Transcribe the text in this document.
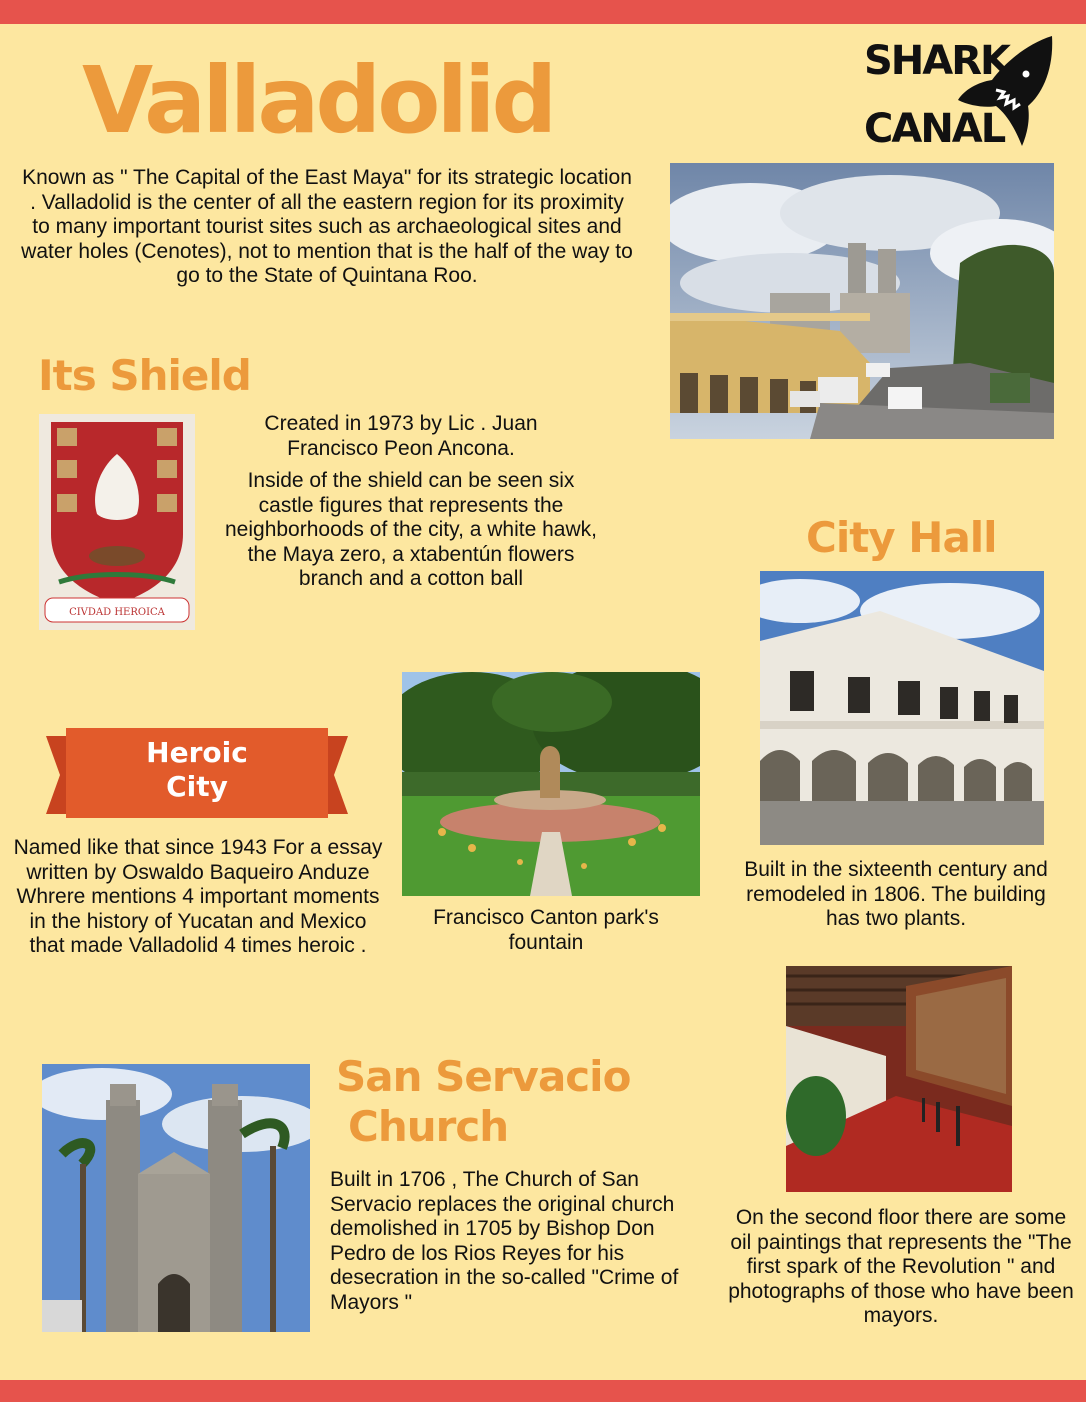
Valladolid	SHARK
CANAL
Known as " The Capital of the East Maya" for its strategic location . Valladolid is the center of all the eastern region for its proximity to many important tourist sites such as archaeological sites and water holes (Cenotes), not to mention that is the half of the way to go to the State of Quintana Roo.
Its Shield
CIVDAD HEROICA
Created in 1973 by Lic . Juan Francisco Peon Ancona.
Inside of the shield can be seen six castle figures that represents the neighborhoods of the city, a white hawk, the Maya zero, a xtabentún flowers branch and a cotton ball
City Hall
Built in the sixteenth century and remodeled in 1806. The building has two plants.
Heroic
City
Named like that since 1943 For a essay written by Oswaldo Baqueiro Anduze Whrere mentions 4 important moments in the history of Yucatan and Mexico that made Valladolid 4 times heroic .
Francisco Canton park's fountain
On the second floor there are some oil paintings that represents the "The first spark of the Revolution " and photographs of those who have been mayors.
San Servacio
Church
Built in 1706 , The Church of San Servacio replaces the original church demolished in 1705 by Bishop Don Pedro de los Rios Reyes for his desecration in the so-called "Crime of Mayors "
